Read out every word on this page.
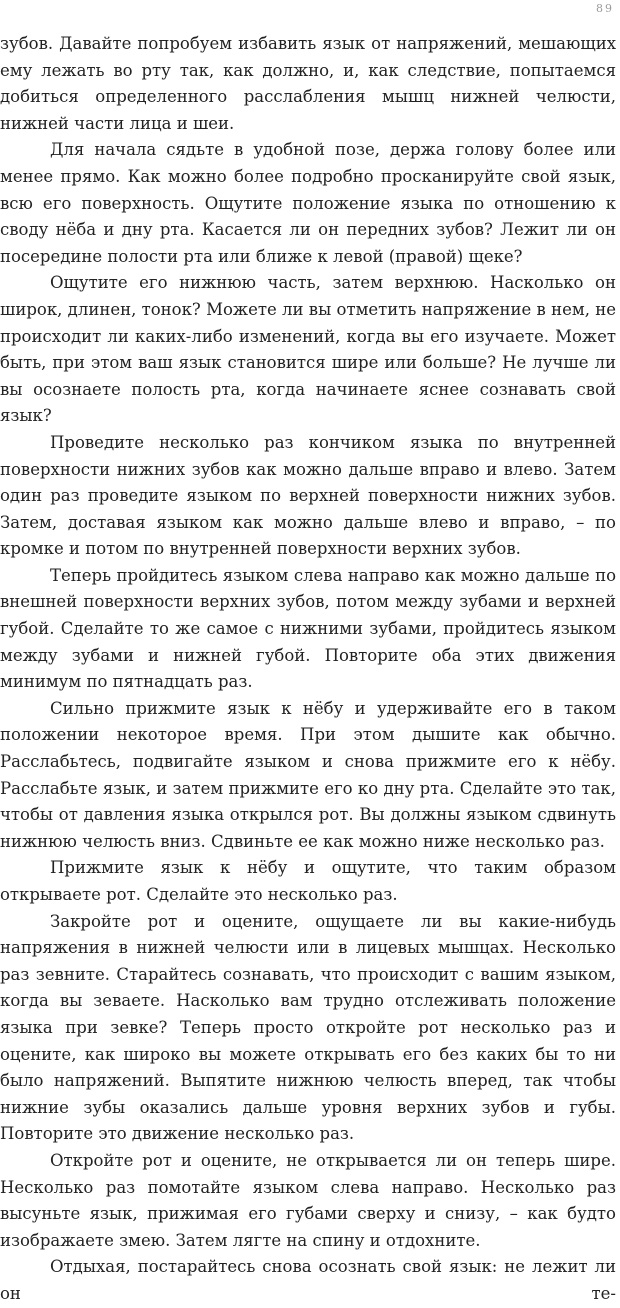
89

зубов. Давайте попробуем избавить язык от напряжений, мешающих ему лежать во рту так, как должно, и, как следствие, попытаемся добиться определенного расслабления мышц нижней челюсти, нижней части лица и шеи.

Для начала сядьте в удобной позе, держа голову более или менее прямо. Как можно более подробно просканируйте свой язык, всю его поверхность. Ощутите положение языка по отношению к своду нёба и дну рта. Касается ли он передних зубов? Лежит ли он посередине полости рта или ближе к левой (правой) щеке?

Ощутите его нижнюю часть, затем верхнюю. Насколько он широк, длинен, тонок? Можете ли вы отметить напряжение в нем, не происходит ли каких-либо изменений, когда вы его изучаете. Может быть, при этом ваш язык становится шире или больше? Не лучше ли вы осознаете полость рта, когда начинаете яснее сознавать свой язык?

Проведите несколько раз кончиком языка по внутренней поверхности нижних зубов как можно дальше вправо и влево. Затем один раз проведите языком по верхней поверхности нижних зубов. Затем, доставая языком как можно дальше влево и вправо, – по кромке и потом по внутренней поверхности верхних зубов.

Теперь пройдитесь языком слева направо как можно дальше по внешней поверхности верхних зубов, потом между зубами и верхней губой. Сделайте то же самое с нижними зубами, пройдитесь языком между зубами и нижней губой. Повторите оба этих движения минимум по пятнадцать раз.

Сильно прижмите язык к нёбу и удерживайте его в таком положении некоторое время. При этом дышите как обычно. Расслабьтесь, подвигайте языком и снова прижмите его к нёбу. Расслабьте язык, и затем прижмите его ко дну рта. Сделайте это так, чтобы от давления языка открылся рот. Вы должны языком сдвинуть нижнюю челюсть вниз. Сдвиньте ее как можно ниже несколько раз.

Прижмите язык к нёбу и ощутите, что таким образом открываете рот. Сделайте это несколько раз.

Закройте рот и оцените, ощущаете ли вы какие-нибудь напряжения в нижней челюсти или в лицевых мышцах. Несколько раз зевните. Старайтесь сознавать, что происходит с вашим языком, когда вы зеваете. Насколько вам трудно отслеживать положение языка при зевке? Теперь просто откройте рот несколько раз и оцените, как широко вы можете открывать его без каких бы то ни было напряжений. Выпятите нижнюю челюсть вперед, так чтобы нижние зубы оказались дальше уровня верхних зубов и губы. Повторите это движение несколько раз.

Откройте рот и оцените, не открывается ли он теперь шире. Несколько раз помотайте языком слева направо. Несколько раз высуньте язык, прижимая его губами сверху и снизу, – как будто изображаете змею. Затем лягте на спину и отдохните.

Отдыхая, постарайтесь снова осознать свой язык: не лежит ли он те-
